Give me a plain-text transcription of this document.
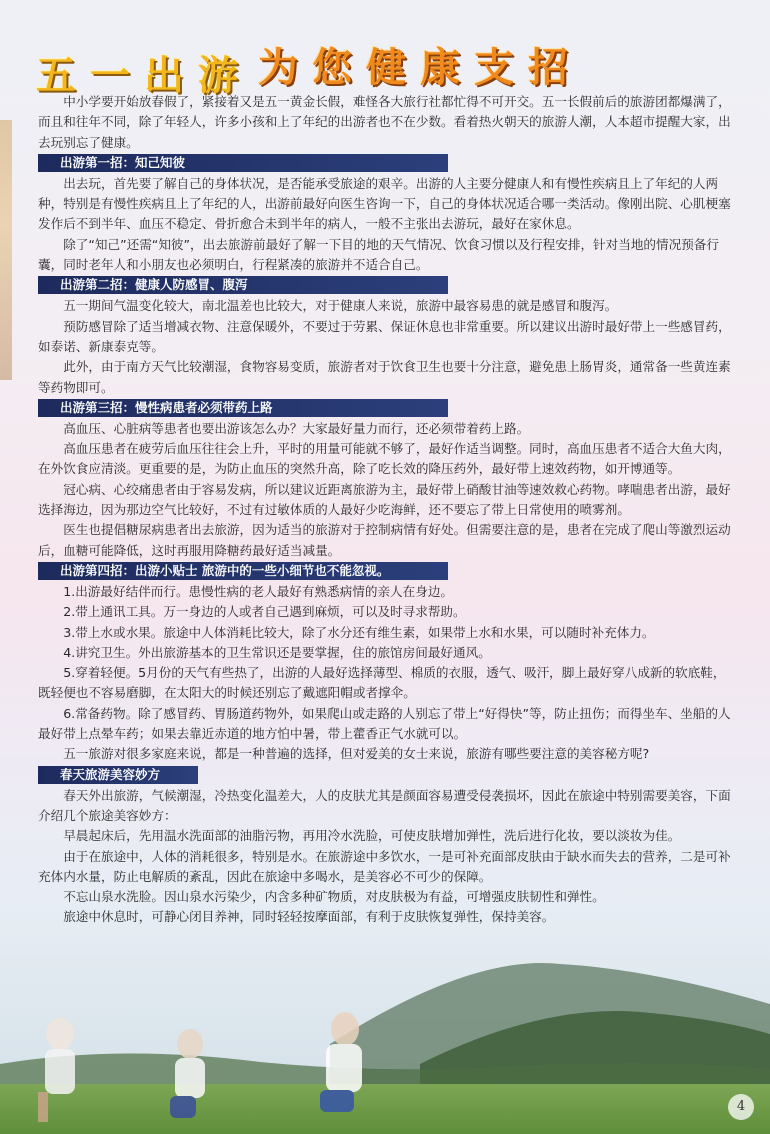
五一出游 为您健康支招

中小学要开始放春假了，紧接着又是五一黄金长假，难怪各大旅行社都忙得不可开交。五一长假前后的旅游团都爆满了，而且和往年不同，除了年轻人，许多小孩和上了年纪的出游者也不在少数。看着热火朝天的旅游人潮，人本超市提醒大家，出去玩别忘了健康。

出游第一招：知己知彼

出去玩，首先要了解自己的身体状况，是否能承受旅途的艰辛。出游的人主要分健康人和有慢性疾病且上了年纪的人两种，特别是有慢性疾病且上了年纪的人，出游前最好向医生咨询一下，自己的身体状况适合哪一类活动。像刚出院、心肌梗塞发作后不到半年、血压不稳定、骨折愈合未到半年的病人，一般不主张出去游玩，最好在家休息。

除了“知己”还需“知彼”，出去旅游前最好了解一下目的地的天气情况、饮食习惯以及行程安排，针对当地的情况预备行囊，同时老年人和小朋友也必须明白，行程紧凑的旅游并不适合自己。

出游第二招：健康人防感冒、腹泻

五一期间气温变化较大，南北温差也比较大，对于健康人来说，旅游中最容易患的就是感冒和腹泻。

预防感冒除了适当增减衣物、注意保暖外，不要过于劳累、保证休息也非常重要。所以建议出游时最好带上一些感冒药，如泰诺、新康泰克等。

此外，由于南方天气比较潮湿，食物容易变质，旅游者对于饮食卫生也要十分注意，避免患上肠胃炎，通常备一些黄连素等药物即可。

出游第三招：慢性病患者必须带药上路

高血压、心脏病等患者也要出游该怎么办？大家最好量力而行，还必须带着药上路。

高血压患者在疲劳后血压往往会上升，平时的用量可能就不够了，最好作适当调整。同时，高血压患者不适合大鱼大肉，在外饮食应清淡。更重要的是，为防止血压的突然升高，除了吃长效的降压药外，最好带上速效药物，如开博通等。

冠心病、心绞痛患者由于容易发病，所以建议近距离旅游为主，最好带上硝酸甘油等速效救心药物。哮喘患者出游，最好选择海边，因为那边空气比较好，不过有过敏体质的人最好少吃海鲜，还不要忘了带上日常使用的喷雾剂。

医生也提倡糖尿病患者出去旅游，因为适当的旅游对于控制病情有好处。但需要注意的是，患者在完成了爬山等激烈运动后，血糖可能降低，这时再服用降糖药最好适当减量。

出游第四招：出游小贴士 旅游中的一些小细节也不能忽视。

1.出游最好结伴而行。患慢性病的老人最好有熟悉病情的亲人在身边。

2.带上通讯工具。万一身边的人或者自己遇到麻烦，可以及时寻求帮助。

3.带上水或水果。旅途中人体消耗比较大，除了水分还有维生素，如果带上水和水果，可以随时补充体力。

4.讲究卫生。外出旅游基本的卫生常识还是要掌握，住的旅馆房间最好通风。

5.穿着轻便。5月份的天气有些热了，出游的人最好选择薄型、棉质的衣服，透气、吸汗，脚上最好穿八成新的软底鞋，既轻便也不容易磨脚，在太阳大的时候还别忘了戴遮阳帽或者撑伞。

6.常备药物。除了感冒药、胃肠道药物外，如果爬山或走路的人别忘了带上“好得快”等，防止扭伤；而得坐车、坐船的人最好带上点晕车药；如果去靠近赤道的地方怕中暑，带上藿香正气水就可以。

五一旅游对很多家庭来说，都是一种普遍的选择，但对爱美的女士来说，旅游有哪些要注意的美容秘方呢?

春天旅游美容妙方

春天外出旅游，气候潮湿，冷热变化温差大，人的皮肤尤其是颜面容易遭受侵袭损坏，因此在旅途中特别需要美容，下面介绍几个旅途美容妙方：

早晨起床后，先用温水洗面部的油脂污物，再用冷水洗脸，可使皮肤增加弹性，洗后进行化妆，要以淡妆为佳。

由于在旅途中，人体的消耗很多，特别是水。在旅游途中多饮水，一是可补充面部皮肤由于缺水而失去的营养，二是可补充体内水量，防止电解质的紊乱，因此在旅途中多喝水，是美容必不可少的保障。

不忘山泉水洗脸。因山泉水污染少，内含多种矿物质，对皮肤极为有益，可增强皮肤韧性和弹性。

旅途中休息时，可静心闭目养神，同时轻轻按摩面部，有利于皮肤恢复弹性，保持美容。

4
